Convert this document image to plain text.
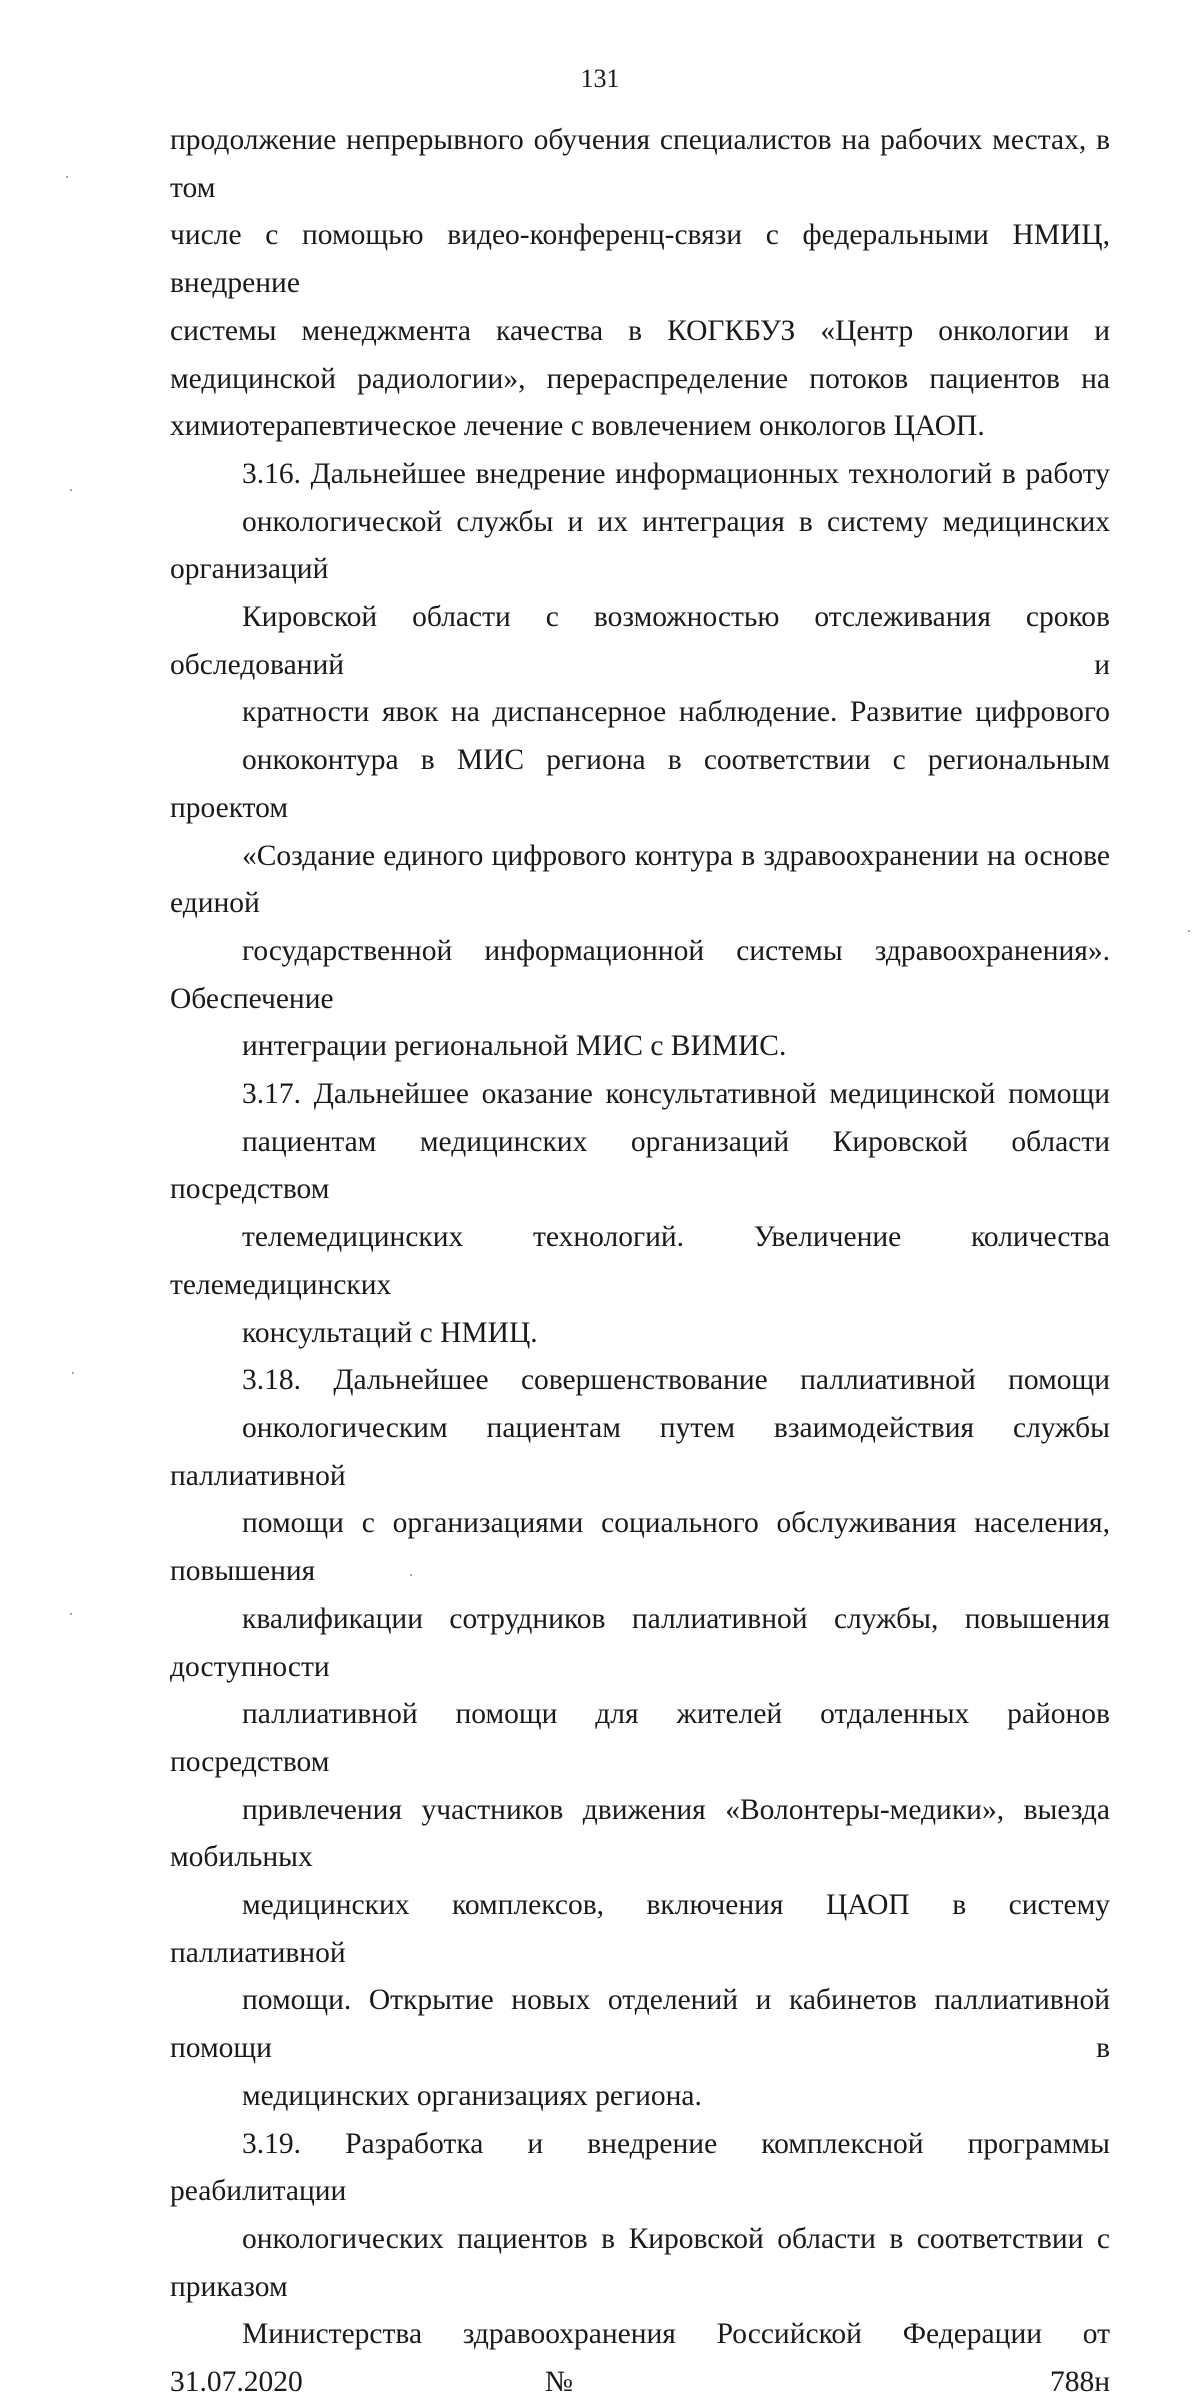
131

продолжение непрерывного обучения специалистов на рабочих местах, в том
числе с помощью видео-конференц-связи с федеральными НМИЦ, внедрение
системы менеджмента качества в КОГКБУЗ «Центр онкологии и
медицинской радиологии», перераспределение потоков пациентов на
химиотерапевтическое лечение с вовлечением онкологов ЦАОП.

3.16. Дальнейшее внедрение информационных технологий в работу
онкологической службы и их интеграция в систему медицинских организаций
Кировской области с возможностью отслеживания сроков обследований и
кратности явок на диспансерное наблюдение. Развитие цифрового
онкоконтура в МИС региона в соответствии с региональным проектом
«Создание единого цифрового контура в здравоохранении на основе единой
государственной информационной системы здравоохранения». Обеспечение
интеграции региональной МИС с ВИМИС.

3.17. Дальнейшее оказание консультативной медицинской помощи
пациентам медицинских организаций Кировской области посредством
телемедицинских технологий. Увеличение количества телемедицинских
консультаций с НМИЦ.

3.18. Дальнейшее совершенствование паллиативной помощи
онкологическим пациентам путем взаимодействия службы паллиативной
помощи с организациями социального обслуживания населения, повышения
квалификации сотрудников паллиативной службы, повышения доступности
паллиативной помощи для жителей отдаленных районов посредством
привлечения участников движения «Волонтеры-медики», выезда мобильных
медицинских комплексов, включения ЦАОП в систему паллиативной
помощи. Открытие новых отделений и кабинетов паллиативной помощи в
медицинских организациях региона.

3.19. Разработка и внедрение комплексной программы реабилитации
онкологических пациентов в Кировской области в соответствии с приказом
Министерства здравоохранения Российской Федерации от 31.07.2020 № 788н
